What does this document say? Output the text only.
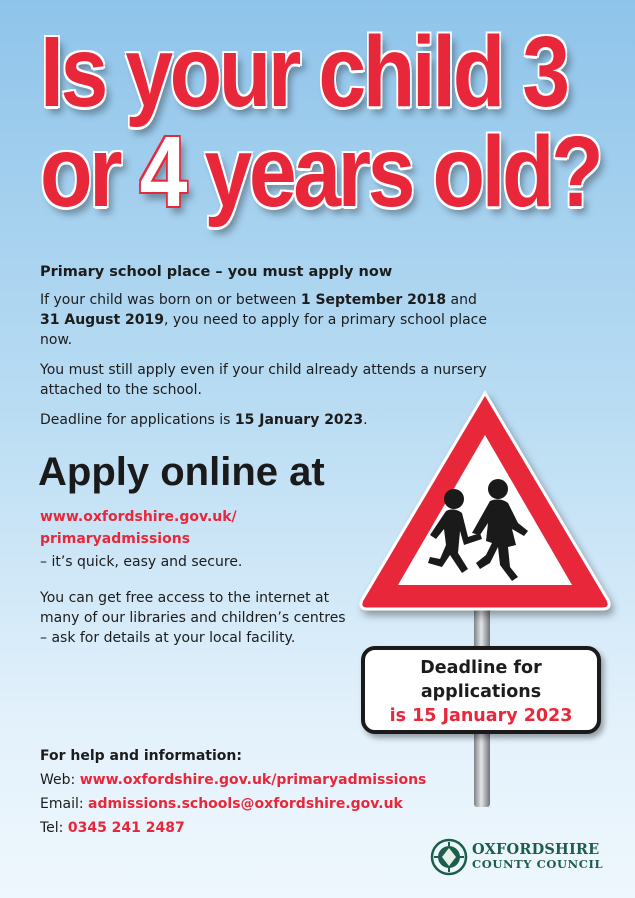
Is your child 3
or 4 years old?

Primary school place – you must apply now

If your child was born on or between 1 September 2018 and
31 August 2019, you need to apply for a primary school place now.

You must still apply even if your child already attends a nursery attached to the school.

Deadline for applications is 15 January 2023.

Apply online at
www.oxfordshire.gov.uk/
primaryadmissions
– it’s quick, easy and secure.
You can get free access to the internet at many of our libraries and children’s centres – ask for details at your local facility.
Deadline for
applications
is 15 January 2023
For help and information:
Web: www.oxfordshire.gov.uk/primaryadmissions
Email: admissions.schools@oxfordshire.gov.uk
Tel: 0345 241 2487
OXFORDSHIRE
COUNTY COUNCIL
